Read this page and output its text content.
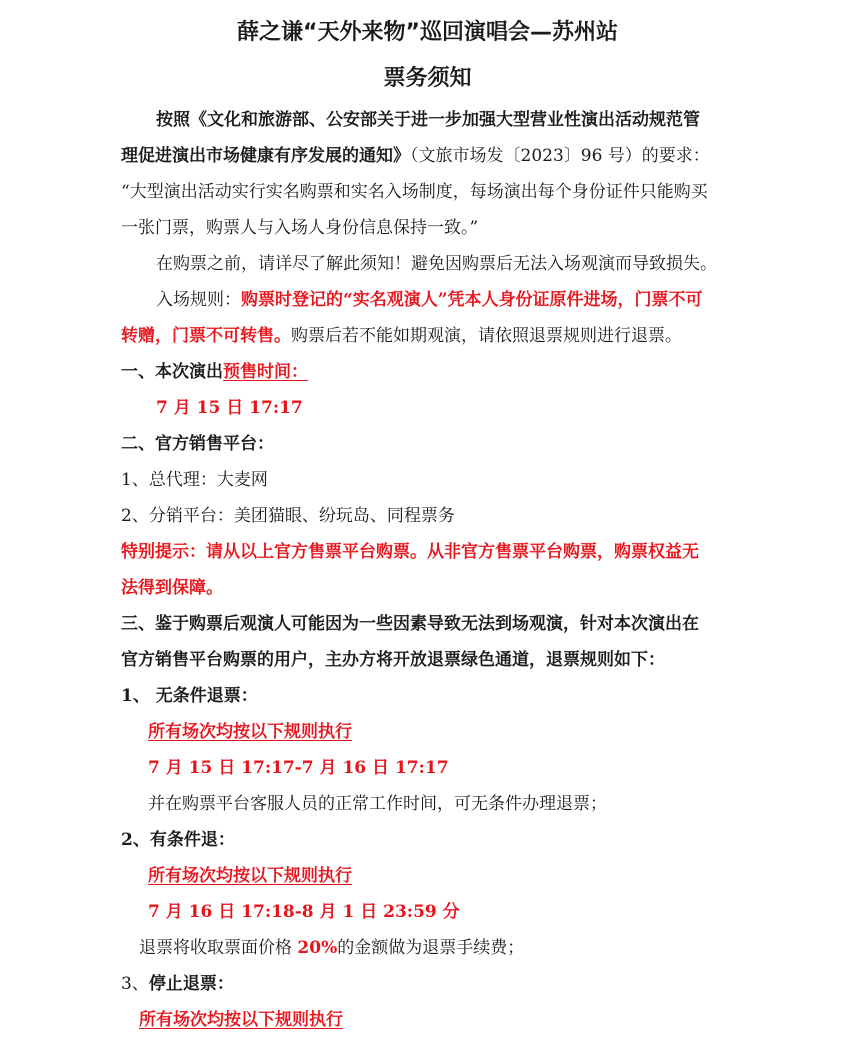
薛之谦“天外来物”巡回演唱会—苏州站
票务须知
按照《文化和旅游部、公安部关于进一步加强大型营业性演出活动规范管
理促进演出市场健康有序发展的通知》（文旅市场发〔2023〕96 号）的要求：
“大型演出活动实行实名购票和实名入场制度，每场演出每个身份证件只能购买
一张门票，购票人与入场人身份信息保持一致。”
在购票之前，请详尽了解此须知！避免因购票后无法入场观演而导致损失。
入场规则：购票时登记的“实名观演人”凭本人身份证原件进场，门票不可
转赠，门票不可转售。购票后若不能如期观演，请依照退票规则进行退票。
一、本次演出预售时间：
7 月 15 日 17:17
二、官方销售平台：
1、总代理：大麦网
2、分销平台：美团猫眼、纷玩岛、同程票务
特别提示：请从以上官方售票平台购票。从非官方售票平台购票，购票权益无
法得到保障。
三、鉴于购票后观演人可能因为一些因素导致无法到场观演，针对本次演出在
官方销售平台购票的用户，主办方将开放退票绿色通道，退票规则如下：
1、 无条件退票：
所有场次均按以下规则执行
7 月 15 日 17:17-7 月 16 日 17:17
并在购票平台客服人员的正常工作时间，可无条件办理退票；
2、有条件退：
所有场次均按以下规则执行
7 月 16 日 17:18-8 月 1 日 23:59 分
退票将收取票面价格 20%的金额做为退票手续费；
3、停止退票：
所有场次均按以下规则执行
